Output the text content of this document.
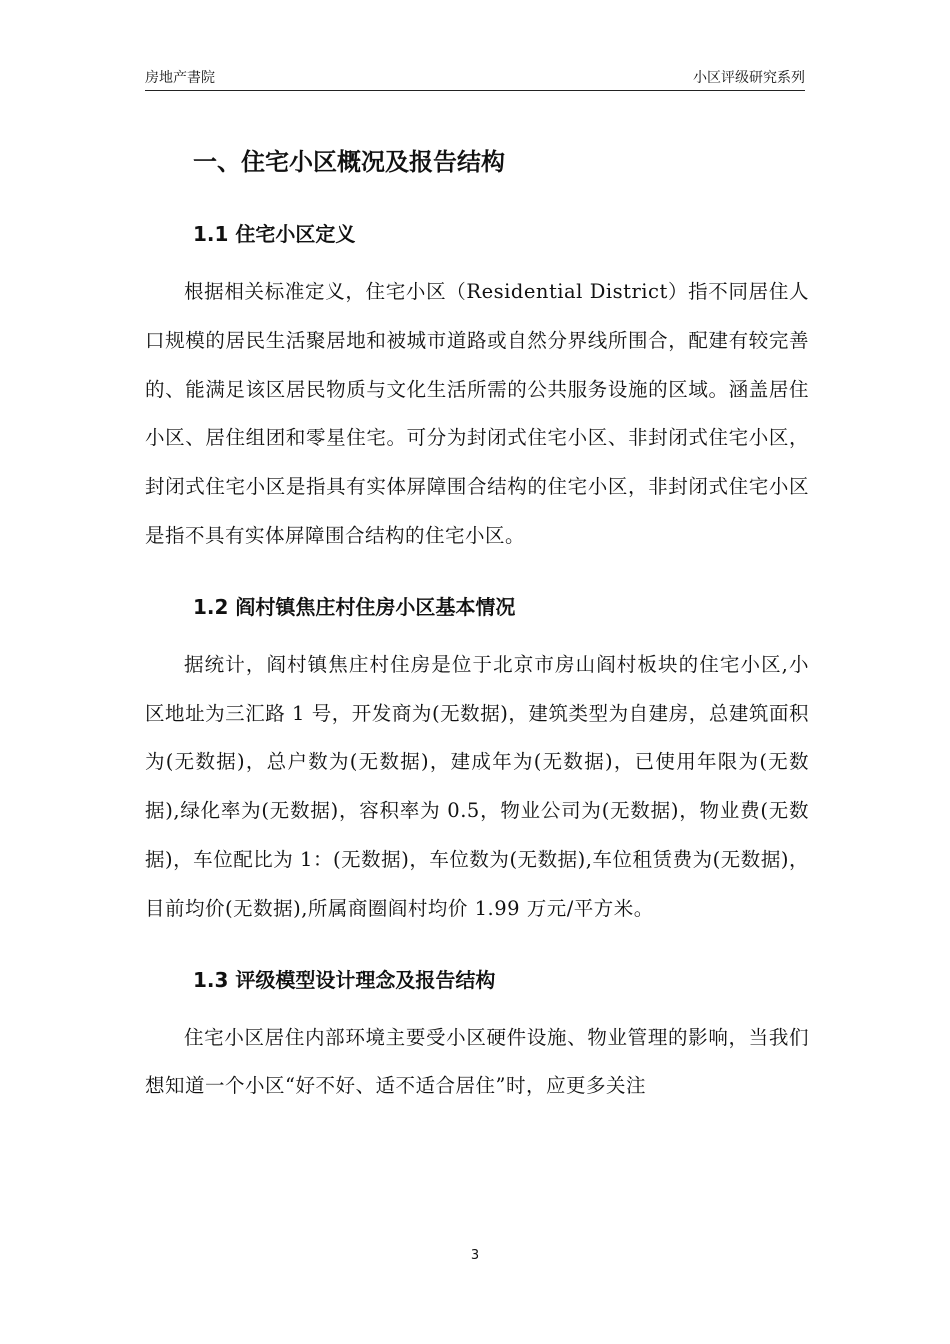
房地产書院	小区评级研究系列
一、住宅小区概况及报告结构
1.1 住宅小区定义

根据相关标准定义，住宅小区（Residential District）指不同居住人口规模的居民生活聚居地和被城市道路或自然分界线所围合，配建有较完善的、能满足该区居民物质与文化生活所需的公共服务设施的区域。涵盖居住小区、居住组团和零星住宅。可分为封闭式住宅小区、非封闭式住宅小区，封闭式住宅小区是指具有实体屏障围合结构的住宅小区，非封闭式住宅小区是指不具有实体屏障围合结构的住宅小区。

1.2 阎村镇焦庄村住房小区基本情况

据统计，阎村镇焦庄村住房是位于北京市房山阎村板块的住宅小区,小区地址为三汇路 1 号，开发商为(无数据)，建筑类型为自建房，总建筑面积为(无数据)，总户数为(无数据)，建成年为(无数据)，已使用年限为(无数据),绿化率为(无数据)，容积率为 0.5，物业公司为(无数据)，物业费(无数据)，车位配比为 1：(无数据)，车位数为(无数据),车位租赁费为(无数据)，目前均价(无数据),所属商圈阎村均价 1.99 万元/平方米。

1.3 评级模型设计理念及报告结构

住宅小区居住内部环境主要受小区硬件设施、物业管理的影响，当我们想知道一个小区“好不好、适不适合居住”时，应更多关注

3
